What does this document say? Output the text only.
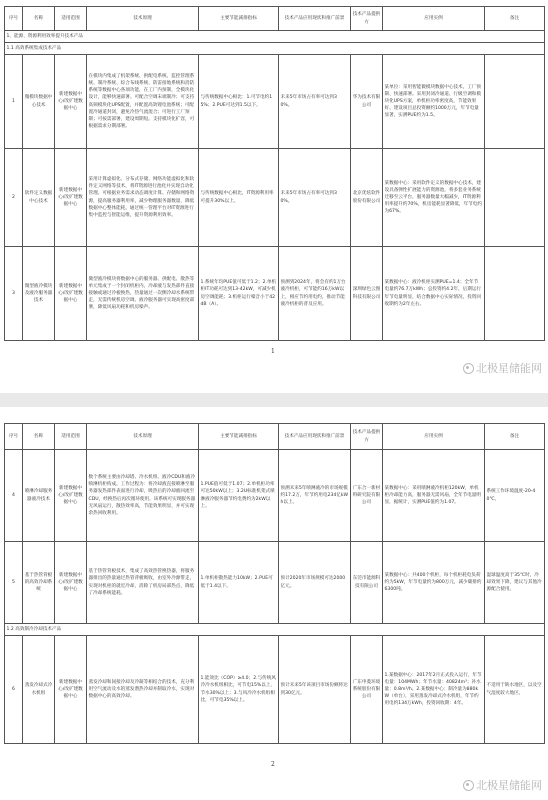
序号	名称	适用范围	技术原理	主要节能减排指标	技术产品应用现状和推广前景	技术产品提供方	应用实例	备注
1、能源、资源利用效率提升技术产品								
1.1 高效系统集成技术产品								
1	微模块数据中心技术	新建数据中心/改扩建数据中心	在模块内集成了机架系统、供配电系统、监控管理系统、制冷系统、综合布线系统、防雷接地系统和消防系统等数据中心各项功能，在工厂内预制，全模块化设计，能够快速部署。可配合空调末端制冷；可支持高频模块化UPS配置，并配置高效锂电池系统；可配置冷通道封闭，避免冷热气流混合；可进行工厂预制；可按需部署，建设周期短。支持模块化扩容，可根据需求分期部署。	与传统数据中心相比：1.可节电约15%；2.PUE可达到1.5以下。	未来5年市场占有率可达到30%。	华为技术有限公司	某单位：采用智能微模块数据中心技术，工厂预制、快速部署。采用封闭冷通道、行级空调和模块化UPS方案，单机柜功率密度高，节能效果好。建设项目总投资额约1000万元，年节电量显著，实测PUE约为1.5。	
2	软件定义数据中心技术	新建数据中心/改扩建数据中心	采用计算虚拟化、分布式存储、网络功能虚拟化和软件定义网络等技术，将IT资源进行池化并实现自动化管理。可根据业务需求动态调度计算、存储和网络资源，提高服务器利用率，减少物理服务器数量，降低数据中心整体能耗。通过统一管理平台对IT资源进行集中监控与智能运维，提升资源利用效率。	与传统数据中心相比，IT资源利用率可提升30%以上。	未来5年市场占有率可达到30%。	北京优炫软件股份有限公司	某数据中心：采用软件定义的数据中心技术，建设具备弹性扩展能力的资源池，将多套业务系统迁移至云平台，服务器数量大幅减少，IT资源利用率提升约70%，机房能耗显著降低，年节电约为67%。	
3	微型液冷模块及液冷服务器技术	新建数据中心/改扩建数据中心	微型液冷模块将数据中心的服务器、供配电、散热等单元集成于一个封闭机柜内。冷却液与发热部件直接接触或通过冷板换热，热量通过一次侧冷却水系统带走，无需传统机房空调。液冷服务器可实现高密度部署，降低风扇功耗和机房噪声。	1.系统年均PUE值可低于1.2；2.单机柜IT功耗可达到13-42kW，可减少机房空调能耗；3.机柜运行噪音小于42dB（A）。	预测到2024年，将会有约1万台液冷机柜，可节能约16万kW以上，相应节约用电约，推动节能液冷机柜的普及应用。	深圳绿色云图科技有限公司	某数据中心：液冷机柜实测PUE=1.4；全年节电量约76.7万kWh；总投资约4.2年，后期运行年节电量明显，结合数据中心实际情况，投资回收期约为2年左右。	
1
北极星储能网
序号	名称	适用范围	技术原理	主要节能减排指标	技术产品应用现状和推广前景	技术产品提供方	应用实例	备注
4	喷淋冷却服务器液冷技术	新建数据中心/改扩建数据中心	数个系统主要由冷却塔、冷水机组、液冷CDU和液冷喷淋机柜构成。工作过程为：将冷却液直接喷淋至服务器发热部件表面进行冷却，吸热后的冷却液回流至CDU，经换热后再次循环使用。该系统可实现服务器无风扇运行，散热效率高，节能效果明显，并可实现余热回收利用。	1.PUE值可低于1.07；2.单机柜功率可达50kW以上；3.2U标准机架式喷淋液冷服务器节约电费约为2kW以上。	预测未来5年喷淋液冷的市场规模约17.2万，年节约用电234亿kWh以上。	广东合一新材料研究院有限公司	某数据中心：采用喷淋液冷机柜120kW，单机柜冷却能力高，服务器无需风扇，全年节电量明显，据统计，实测PUE值约为1.07。	系统工作环境温度-20-40℃。
5	基于热管背板的高效冷却系统	新建数据中心/改扩建数据中心	基于热管背板技术，集成了高效热管换热器，将服务器排出的热量通过热管背板吸收，由室外冷源带走，实现对机柜的就近冷却，消除了机房局部热点，降低了冷却系统能耗。	1.单机柜散热能力10kW；2.PUE可低于1.4以下。	预计2020年市场规模可达2000亿元。	东莞市能源科技有限公司	某数据中心：共400个机柜，每个机柜耗电负荷约为5kW，年节电量约为800万元，减少碳排约6300吨。	湿球温度高于35℃时，冷却效果下降，建议与其他冷源配合使用。
1.2 高效制冷冷却技术产品								
6	蒸发冷却式冷水机组	新建数据中心/改扩建数据中心	蒸发冷却和间接冷却及冷凝等相结合的技术，充分利用空气流动及水的蒸发潜热冷却并制取冷水，实现对数据中心的高效冷却。	1.能效比（COP）≥4.0；2.与传统风冷冷水机组相比，可节电15%以上，节水30%以上；3.与风冷冷水机组相比，可节电35%以上。	预计未来5年该项目市场份额将达到30亿元。	广东申菱环境系统股份有限公司	1.某数据中心：2017年2月正式投入运行，年节电量：104MWh；年节水量：40824m³；补水量：0.8m³/h。2.某数据中心：制冷量为880kW（单台），采用蒸发冷却式冷水机组，年节约用电约134万kWh，投资回收期：4年。	不适用于缺水地区，以及空气湿度较大地区。
2
北极星储能网
